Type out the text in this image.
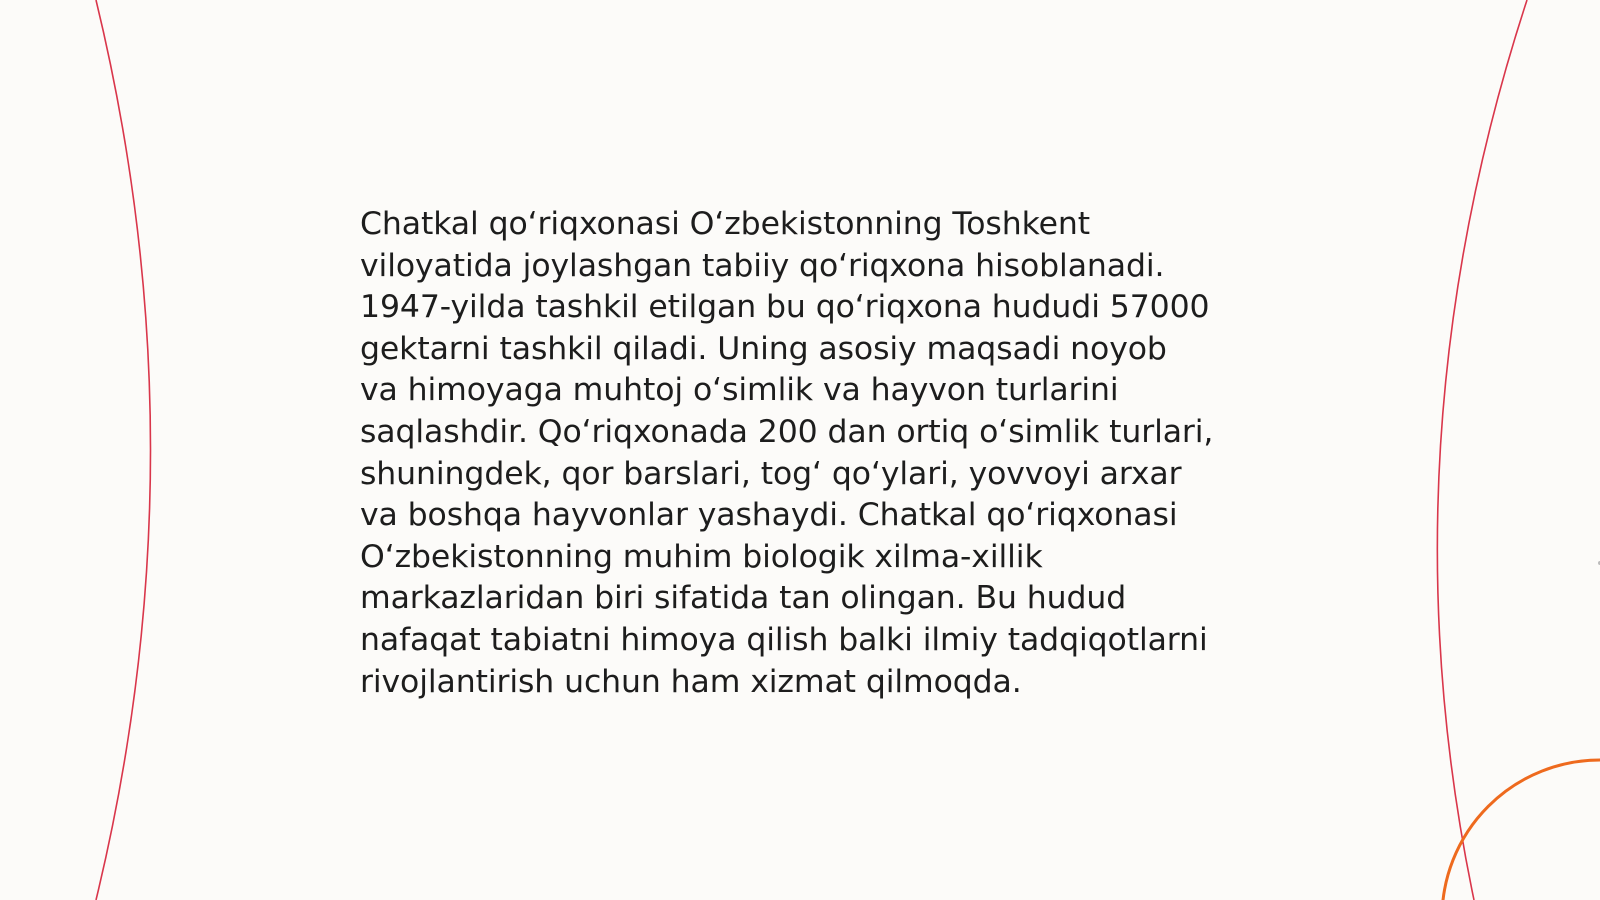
Chatkal qo‘riqxonasi O‘zbekistonning Toshkent
viloyatida joylashgan tabiiy qo‘riqxona hisoblanadi.
1947-yilda tashkil etilgan bu qo‘riqxona hududi 57000
gektarni tashkil qiladi. Uning asosiy maqsadi noyob
va himoyaga muhtoj o‘simlik va hayvon turlarini
saqlashdir. Qo‘riqxonada 200 dan ortiq o‘simlik turlari,
shuningdek, qor barslari, tog‘ qo‘ylari, yovvoyi arxar
va boshqa hayvonlar yashaydi. Chatkal qo‘riqxonasi
O‘zbekistonning muhim biologik xilma-xillik
markazlaridan biri sifatida tan olingan. Bu hudud
nafaqat tabiatni himoya qilish balki ilmiy tadqiqotlarni
rivojlantirish uchun ham xizmat qilmoqda.
